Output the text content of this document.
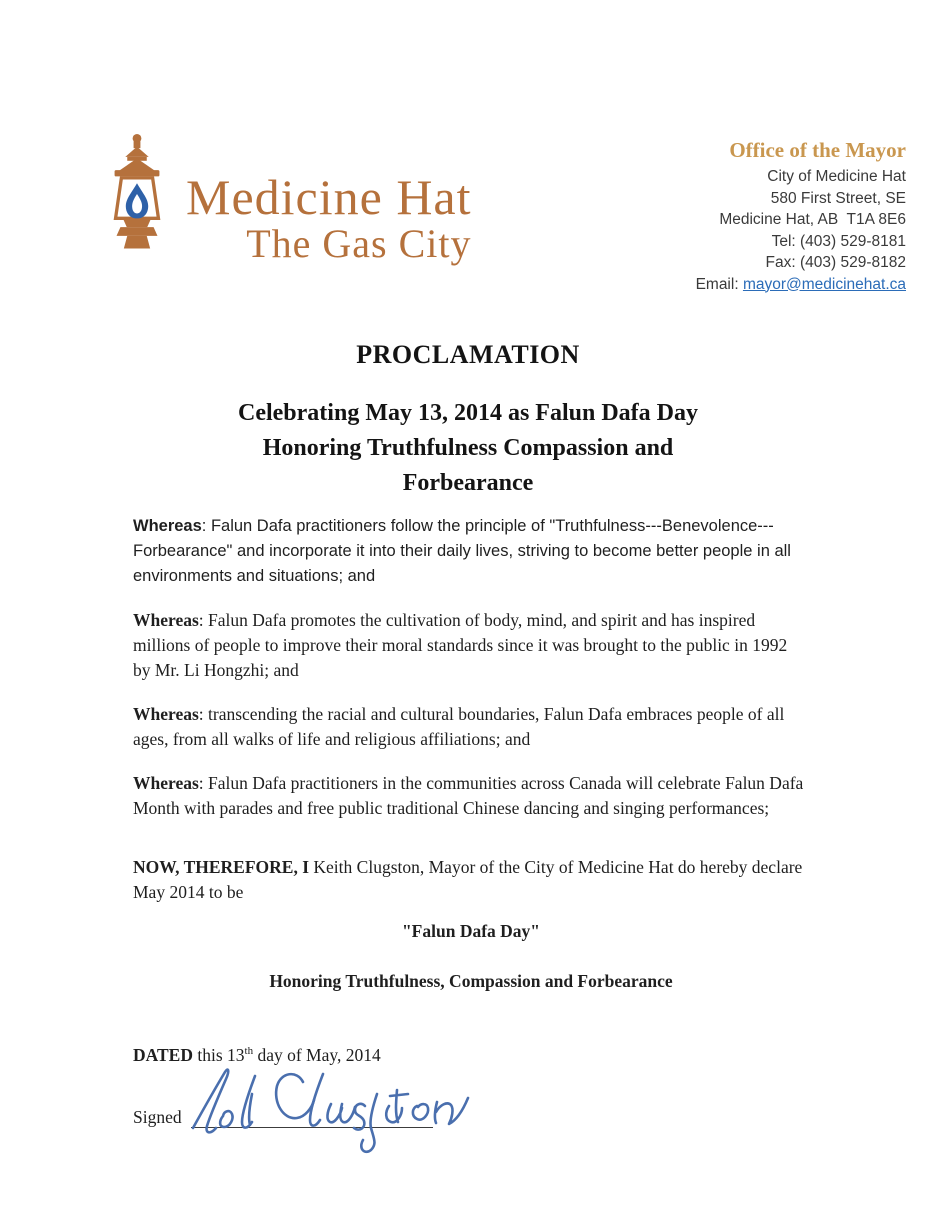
Medicine Hat
The Gas City
Office of the Mayor
City of Medicine Hat
580 First Street, SE
Medicine Hat, AB  T1A 8E6
Tel: (403) 529-8181
Fax: (403) 529-8182
Email: mayor@medicinehat.ca
PROCLAMATION
Celebrating May 13, 2014 as Falun Dafa Day
Honoring Truthfulness Compassion and
Forbearance

Whereas: Falun Dafa practitioners follow the principle of "Truthfulness---Benevolence---Forbearance" and incorporate it into their daily lives, striving to become better people in all environments and situations; and

Whereas: Falun Dafa promotes the cultivation of body, mind, and spirit and has inspired millions of people to improve their moral standards since it was brought to the public in 1992 by Mr. Li Hongzhi; and

Whereas: transcending the racial and cultural boundaries, Falun Dafa embraces people of all ages, from all walks of life and religious affiliations; and

Whereas: Falun Dafa practitioners in the communities across Canada will celebrate Falun Dafa Month with parades and free public traditional Chinese dancing and singing performances;

NOW, THEREFORE, I Keith Clugston, Mayor of the City of Medicine Hat do hereby declare May 2014 to be

"Falun Dafa Day"

Honoring Truthfulness, Compassion and Forbearance

DATED this 13th day of May, 2014

Signed
